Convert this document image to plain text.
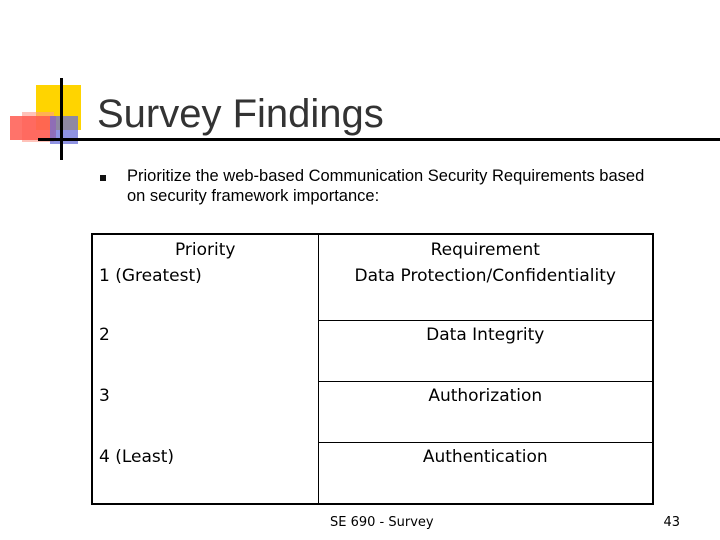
Survey Findings
Prioritize the web-based Communication Security Requirements based on security framework importance:
Priority	Requirement
1 (Greatest)	Data Protection/Confidentiality
2	Data Integrity
3	Authorization
4 (Least)	Authentication
SE 690 - Survey	43
